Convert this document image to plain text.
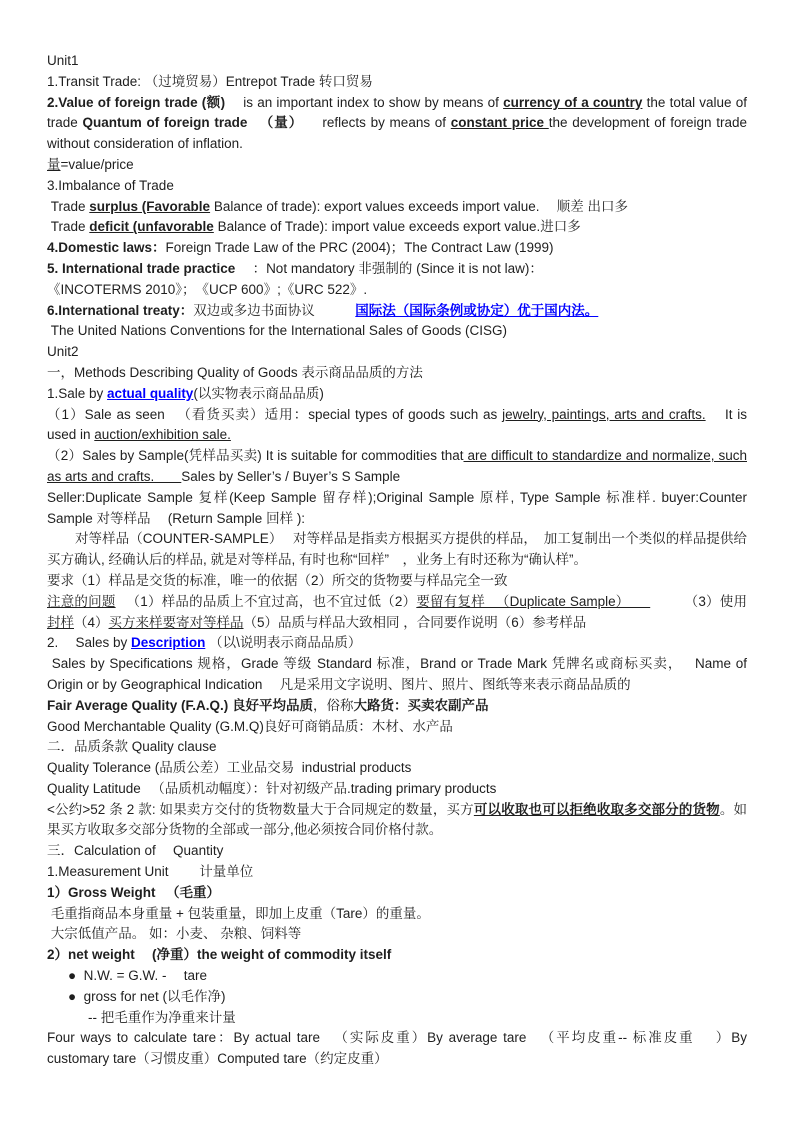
Unit1

1.Transit Trade: （过境贸易）Entrepot Trade 转口贸易

2.Value of foreign trade (额) 　is an important index to show by means of currency of a country the total value of trade Quantum of foreign trade 　（量） 　reflects by means of constant price the development of foreign trade without consideration of inflation.

量=value/price

3.Imbalance of Trade

Trade surplus (Favorable Balance of trade): export values exceeds import value. 　顺差 出口多

Trade deficit (unfavorable Balance of Trade): import value exceeds export value.进口多

4.Domestic laws：Foreign Trade Law of the PRC (2004)；The Contract Law (1999)

5. International trade practice 　：Not mandatory 非强制的 (Since it is not law)：

《INCOTERMS 2010》；　《UCP 600》;《URC 522》.

6.International treaty：双边或多边书面协议　　　	国际法（国际条例或协定）优于国内法。

The United Nations Conventions for the International Sales of Goods (CISG)

Unit2

一，Methods Describing Quality of Goods 表示商品品质的方法

1.Sale by actual quality(以实物表示商品品质)

（1）Sale as seen 　（看货买卖）适用：special types of goods such as jewelry, paintings, arts and crafts. 　It is used in auction/exhibition sale.

（2）Sales by Sample(凭样品买卖) It is suitable for commodities that are difficult to standardize and normalize, such as arts and crafts.　　Sales by Seller’s / Buyer’s S Sample

Seller:Duplicate Sample 复样(Keep Sample 留存样);Original Sample 原样, Type Sample 标准样. buyer:Counter Sample 对等样品 　(Return Sample 回样 ):

对等样品（COUNTER-SAMPLE）　 对等样品是指卖方根据买方提供的样品，　加工复制出一个类似的样品提供给买方确认, 经确认后的样品, 就是对等样品, 有时也称“回样”　，业务上有时还称为“确认样”。

要求（1）样品是交货的标准，唯一的依据（2）所交的货物要与样品完全一致

注意的问题 　（1）样品的品质上不宜过高，也不宜过低（2）要留有复样 　（Duplicate Sample）　　　　　（3）使用封样（4）买方来样要寄对等样品（5）品质与样品大致相同 ，合同要作说明（6）参考样品

2. 　Sales by Description （以\说明表示商品品质）

Sales by Specifications 规格，Grade 等级 Standard 标准，Brand or Trade Mark 凭牌名或商标买卖，　 Name of Origin or by Geographical Indication 　凡是采用文字说明、图片、照片、图纸等来表示商品品质的

Fair Average Quality (F.A.Q.) 良好平均品质，俗称大路货：买卖农副产品

Good Merchantable Quality (G.M.Q)良好可商销品质：木材、水产品

二．品质条款 Quality clause

Quality Tolerance (品质公差）工业品交易  industrial products

Quality Latitude 　（品质机动幅度）：针对初级产品.trading primary products

<公约>52 条 2 款: 如果卖方交付的货物数量大于合同规定的数量，买方可以收取也可以拒绝收取多交部分的货物。如果买方收取多交部分货物的全部或一部分,他必须按合同价格付款。

三．Calculation of 　Quantity

1.Measurement Unit 　　计量单位

1）Gross Weight 　（毛重）

毛重指商品本身重量 + 包装重量，即加上皮重（Tare）的重量。

大宗低值产品。 如：小麦、 杂粮、饲料等

2）net weight 　(净重）the weight of commodity itself

●  N.W. = G.W. - 　tare

●  gross for net (以毛作净)

-- 把毛重作为净重来计量

Four ways to calculate tare：By actual tare 　（实际皮重）By average tare 　（平均皮重-- 标准皮重 　）By customary tare（习惯皮重）Computed tare（约定皮重）
